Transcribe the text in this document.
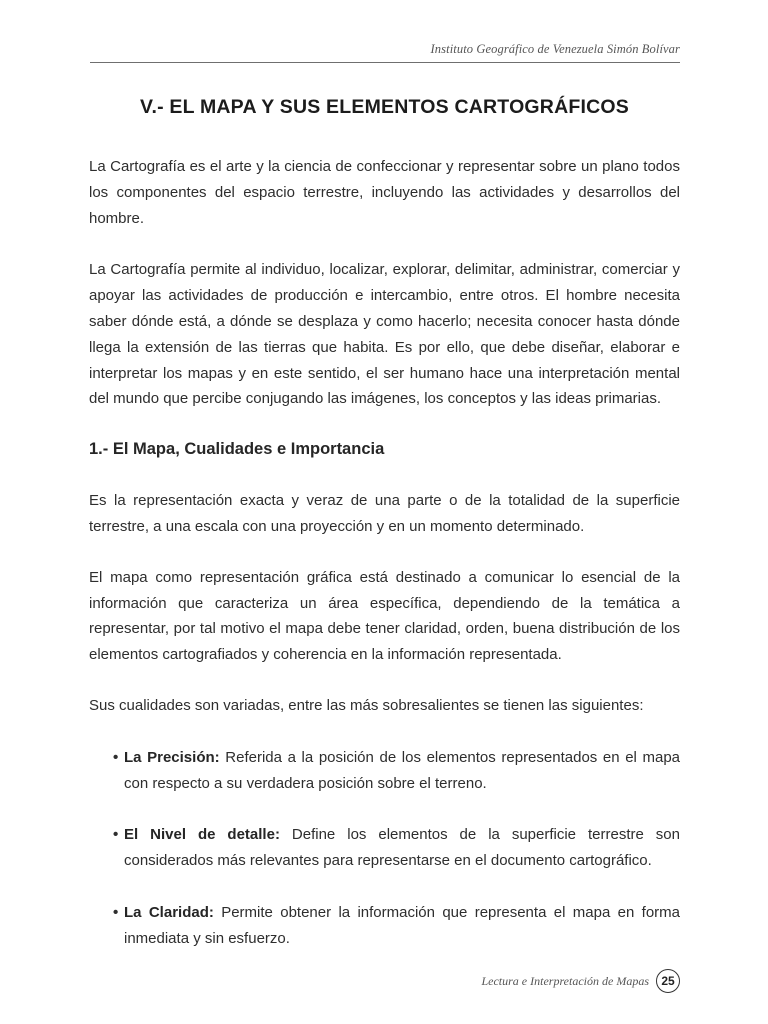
Instituto Geográfico de Venezuela Simón Bolívar
V.- EL MAPA Y SUS ELEMENTOS CARTOGRÁFICOS

La Cartografía es el arte y la ciencia de confeccionar y representar sobre un plano todos los componentes del espacio terrestre, incluyendo las actividades y desarrollos del hombre.

La Cartografía permite al individuo, localizar, explorar, delimitar, administrar, comerciar y apoyar las actividades de producción e intercambio, entre otros. El hombre necesita saber dónde está, a dónde se desplaza y como hacerlo; necesita conocer hasta dónde llega la extensión de las tierras que habita. Es por ello, que debe diseñar, elaborar e interpretar los mapas y en este sentido, el ser humano hace una interpretación mental del mundo que percibe conjugando las imágenes, los conceptos y las ideas primarias.

1.- El Mapa, Cualidades e Importancia

Es la representación exacta y veraz de una parte o de la totalidad de la superficie terrestre, a una escala con una proyección y en un momento determinado.

El mapa como representación gráfica está destinado a comunicar lo esencial de la información que caracteriza un área específica, dependiendo de la temática a representar, por tal motivo el mapa debe tener claridad, orden, buena distribución de los elementos cartografiados y coherencia en la información representada.

Sus cualidades son variadas, entre las más sobresalientes se tienen las siguientes:

• La Precisión: Referida a la posición de los elementos representados en el mapa con respecto a su verdadera posición sobre el terreno.
• El Nivel de detalle: Define los elementos de la superficie terrestre son considerados más relevantes para representarse en el documento cartográfico.
• La Claridad: Permite obtener la información que representa el mapa en forma inmediata y sin esfuerzo.
Lectura e Interpretación de Mapas	25
